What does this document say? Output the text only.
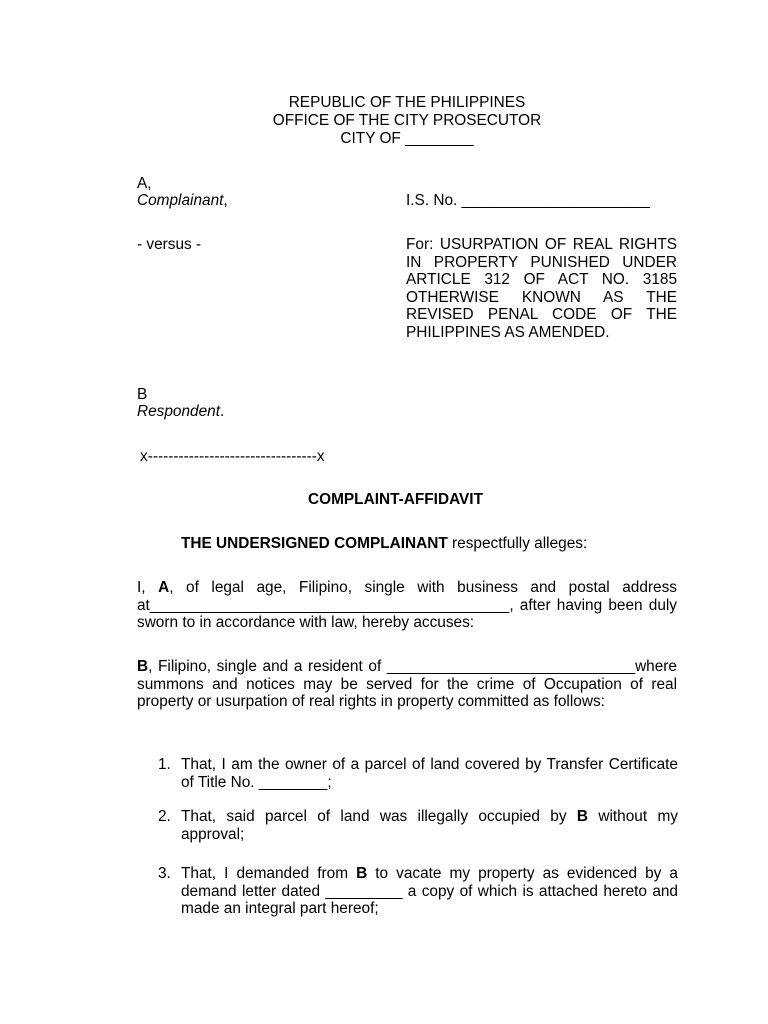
REPUBLIC OF THE PHILIPPINES
OFFICE OF THE CITY PROSECUTOR
CITY OF ________
A,
Complainant,	I.S. No. ______________________
- versus -	For: USURPATION OF REAL RIGHTS IN PROPERTY PUNISHED UNDER ARTICLE 312 OF ACT NO. 3185 OTHERWISE KNOWN AS THE REVISED PENAL CODE OF THE PHILIPPINES AS AMENDED.
B
Respondent.
x---------------------------------x
COMPLAINT-AFFIDAVIT
THE UNDERSIGNED COMPLAINANT respectfully alleges:
I, A, of legal age, Filipino, single with business and postal address at__________________________________________, after having been duly sworn to in accordance with law, hereby accuses:
B, Filipino, single and a resident of _____________________________where summons and notices may be served for the crime of Occupation of real property or usurpation of real rights in property committed as follows:
1. That, I am the owner of a parcel of land covered by Transfer Certificate of Title No. ________;
2. That, said parcel of land was illegally occupied by B without my approval;
3. That, I demanded from B to vacate my property as evidenced by a demand letter dated _________ a copy of which is attached hereto and made an integral part hereof;
